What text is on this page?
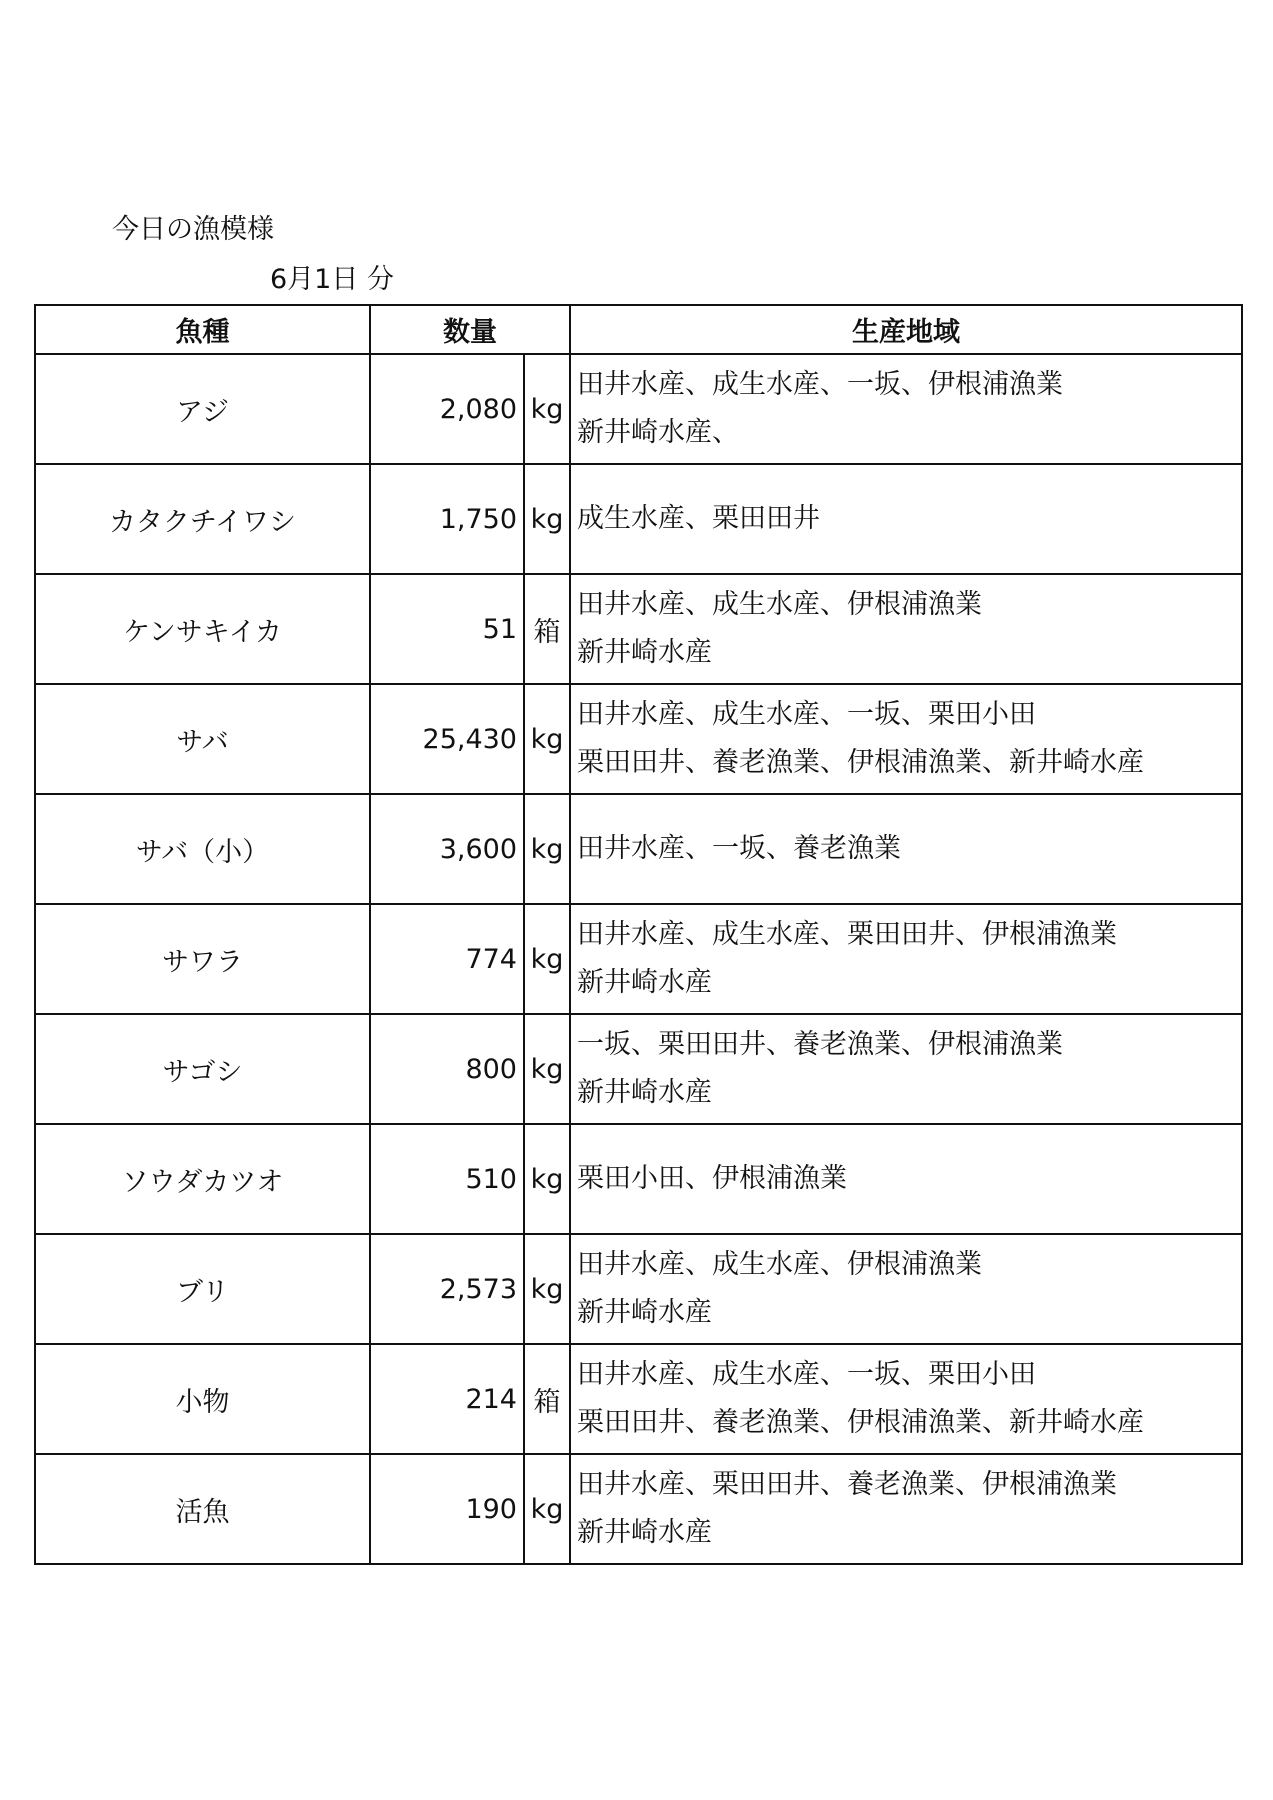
今日の漁模様
6月1日 分
魚種	数量		生産地域
アジ	2,080	kg	田井水産、成生水産、一坂、伊根浦漁業
新井崎水産、

カタクチイワシ	1,750	kg	成生水産、栗田田井

ケンサキイカ	51	箱	田井水産、成生水産、伊根浦漁業
新井崎水産

サバ	25,430	kg	田井水産、成生水産、一坂、栗田小田
栗田田井、養老漁業、伊根浦漁業、新井崎水産

サバ（小）	3,600	kg	田井水産、一坂、養老漁業

サワラ	774	kg	田井水産、成生水産、栗田田井、伊根浦漁業
新井崎水産

サゴシ	800	kg	一坂、栗田田井、養老漁業、伊根浦漁業
新井崎水産

ソウダカツオ	510	kg	栗田小田、伊根浦漁業

ブリ	2,573	kg	田井水産、成生水産、伊根浦漁業
新井崎水産

小物	214	箱	田井水産、成生水産、一坂、栗田小田
栗田田井、養老漁業、伊根浦漁業、新井崎水産

活魚	190	kg	田井水産、栗田田井、養老漁業、伊根浦漁業
新井崎水産
